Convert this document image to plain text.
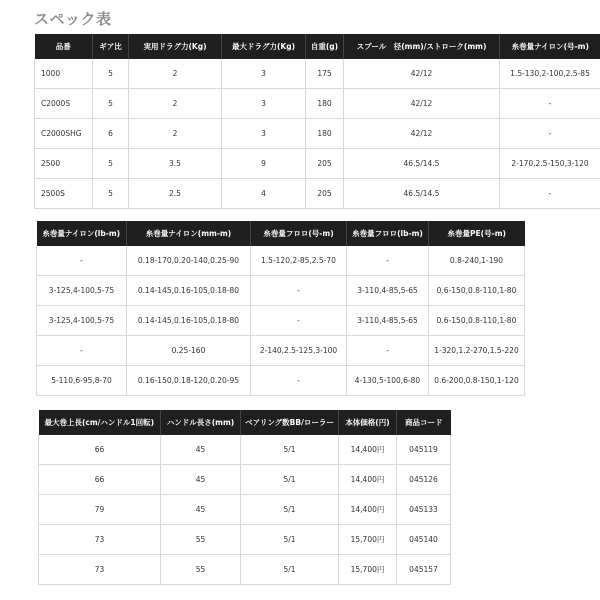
スペック表
品番	ギア比	実用ドラグ力(Kg)	最大ドラグ力(Kg)	自重(g)	スプール　径(mm)/ストローク(mm)	糸巻量ナイロン(号-m)
1000	5	2	3	175	42/12	1.5-130,2-100,2.5-85
C2000S	5	2	3	180	42/12	-
C2000SHG	6	2	3	180	42/12	-
2500	5	3.5	9	205	46.5/14.5	2-170,2.5-150,3-120
2500S	5	2.5	4	205	46.5/14.5	-
糸巻量ナイロン(lb-m)	糸巻量ナイロン(mm-m)	糸巻量フロロ(号-m)	糸巻量フロロ(lb-m)	糸巻量PE(号-m)
-	0.18-170,0.20-140,0.25-90	1.5-120,2-85,2.5-70	-	0.8-240,1-190
3-125,4-100,5-75	0.14-145,0.16-105,0.18-80	-	3-110,4-85,5-65	0.6-150,0.8-110,1-80
3-125,4-100,5-75	0.14-145,0.16-105,0.18-80	-	3-110,4-85,5-65	0.6-150,0.8-110,1-80
-	0.25-160	2-140,2.5-125,3-100	-	1-320,1.2-270,1.5-220
5-110,6-95,8-70	0.16-150,0.18-120,0.20-95	-	4-130,5-100,6-80	0.6-200,0.8-150,1-120
最大巻上長(cm/ハンドル1回転)	ハンドル長さ(mm)	ベアリング数BB/ローラー	本体価格(円)	商品コード
66	45	5/1	14,400円	045119
66	45	5/1	14,400円	045126
79	45	5/1	14,400円	045133
73	55	5/1	15,700円	045140
73	55	5/1	15,700円	045157
